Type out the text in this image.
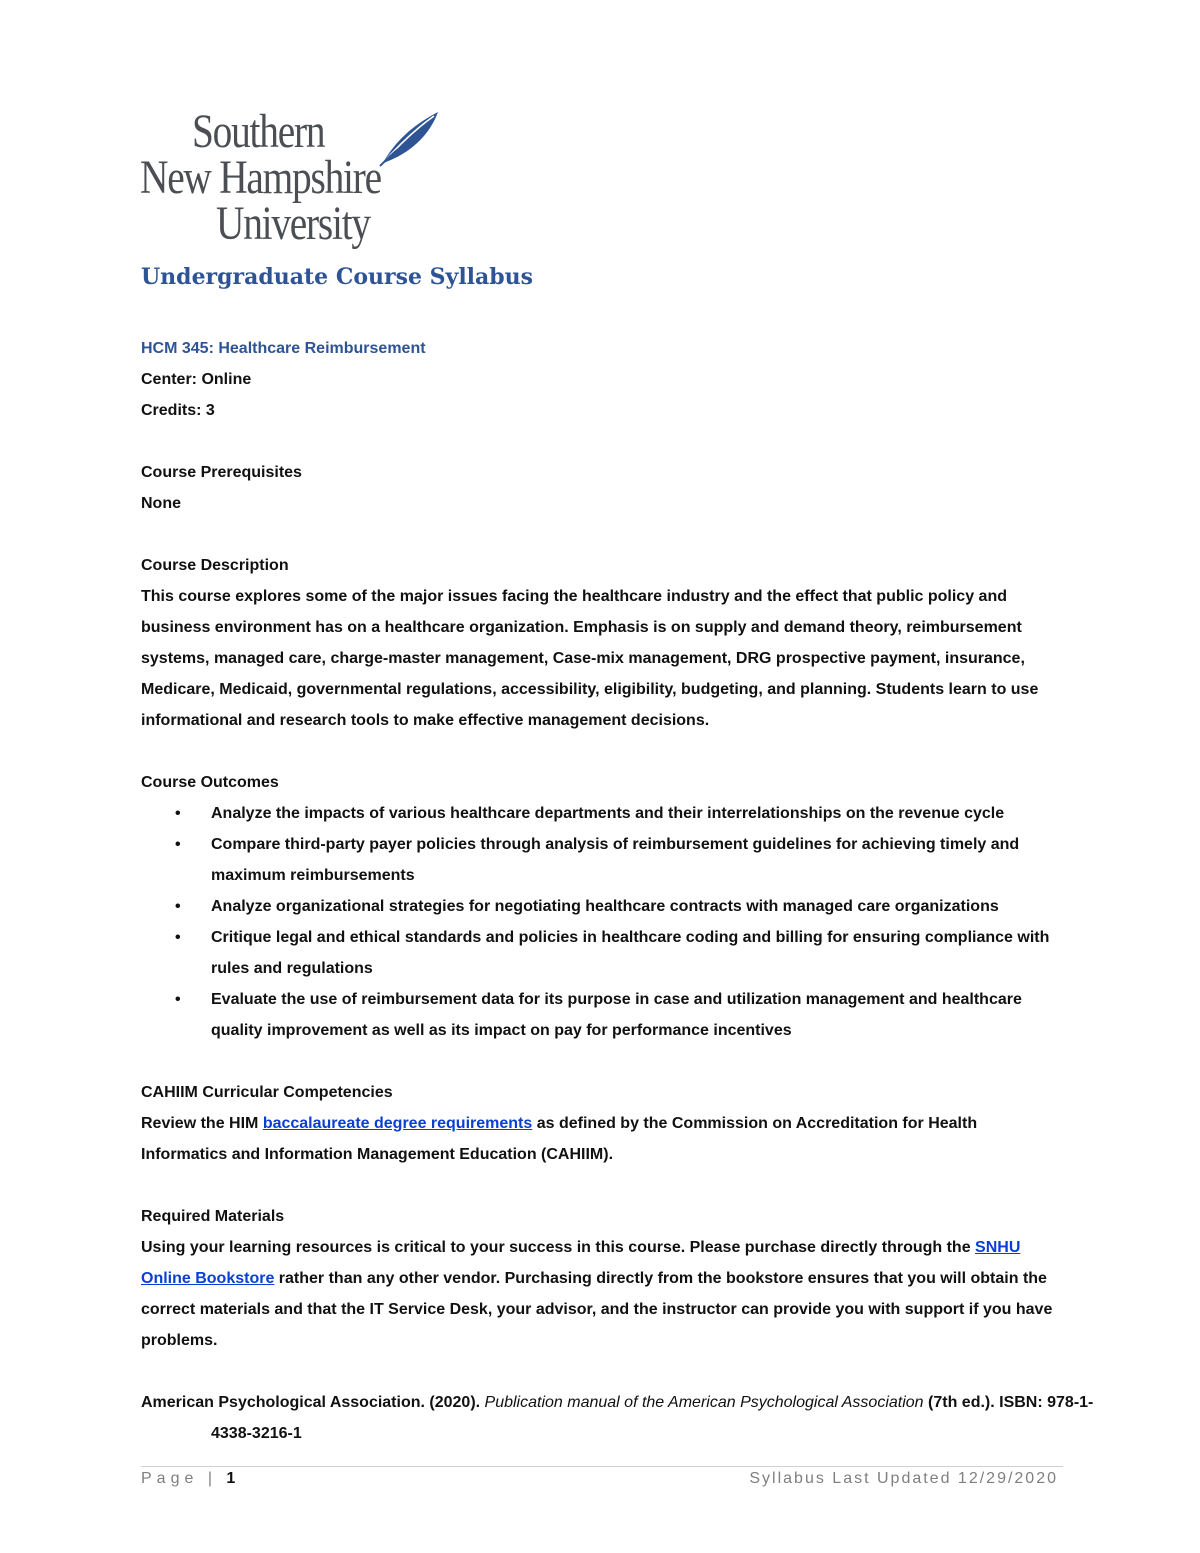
Southern
New Hampshire
University
Undergraduate Course Syllabus

HCM 345: Healthcare Reimbursement

Center: Online

Credits: 3

Course Prerequisites

None

Course Description

This course explores some of the major issues facing the healthcare industry and the effect that public policy and business environment has on a healthcare organization. Emphasis is on supply and demand theory, reimbursement systems, managed care, charge-master management, Case-mix management, DRG prospective payment, insurance, Medicare, Medicaid, governmental regulations, accessibility, eligibility, budgeting, and planning. Students learn to use informational and research tools to make effective management decisions.

Course Outcomes

• Analyze the impacts of various healthcare departments and their interrelationships on the revenue cycle
• Compare third-party payer policies through analysis of reimbursement guidelines for achieving timely and maximum reimbursements
• Analyze organizational strategies for negotiating healthcare contracts with managed care organizations
• Critique legal and ethical standards and policies in healthcare coding and billing for ensuring compliance with rules and regulations
• Evaluate the use of reimbursement data for its purpose in case and utilization management and healthcare quality improvement as well as its impact on pay for performance incentives

CAHIIM Curricular Competencies

Review the HIM baccalaureate degree requirements as defined by the Commission on Accreditation for Health Informatics and Information Management Education (CAHIIM).

Required Materials

Using your learning resources is critical to your success in this course. Please purchase directly through the SNHU Online Bookstore rather than any other vendor. Purchasing directly from the bookstore ensures that you will obtain the correct materials and that the IT Service Desk, your advisor, and the instructor can provide you with support if you have problems.

American Psychological Association. (2020). Publication manual of the American Psychological Association (7th ed.). ISBN: 978-1-4338-3216-1

Page | 1	Syllabus Last Updated 12/29/2020
